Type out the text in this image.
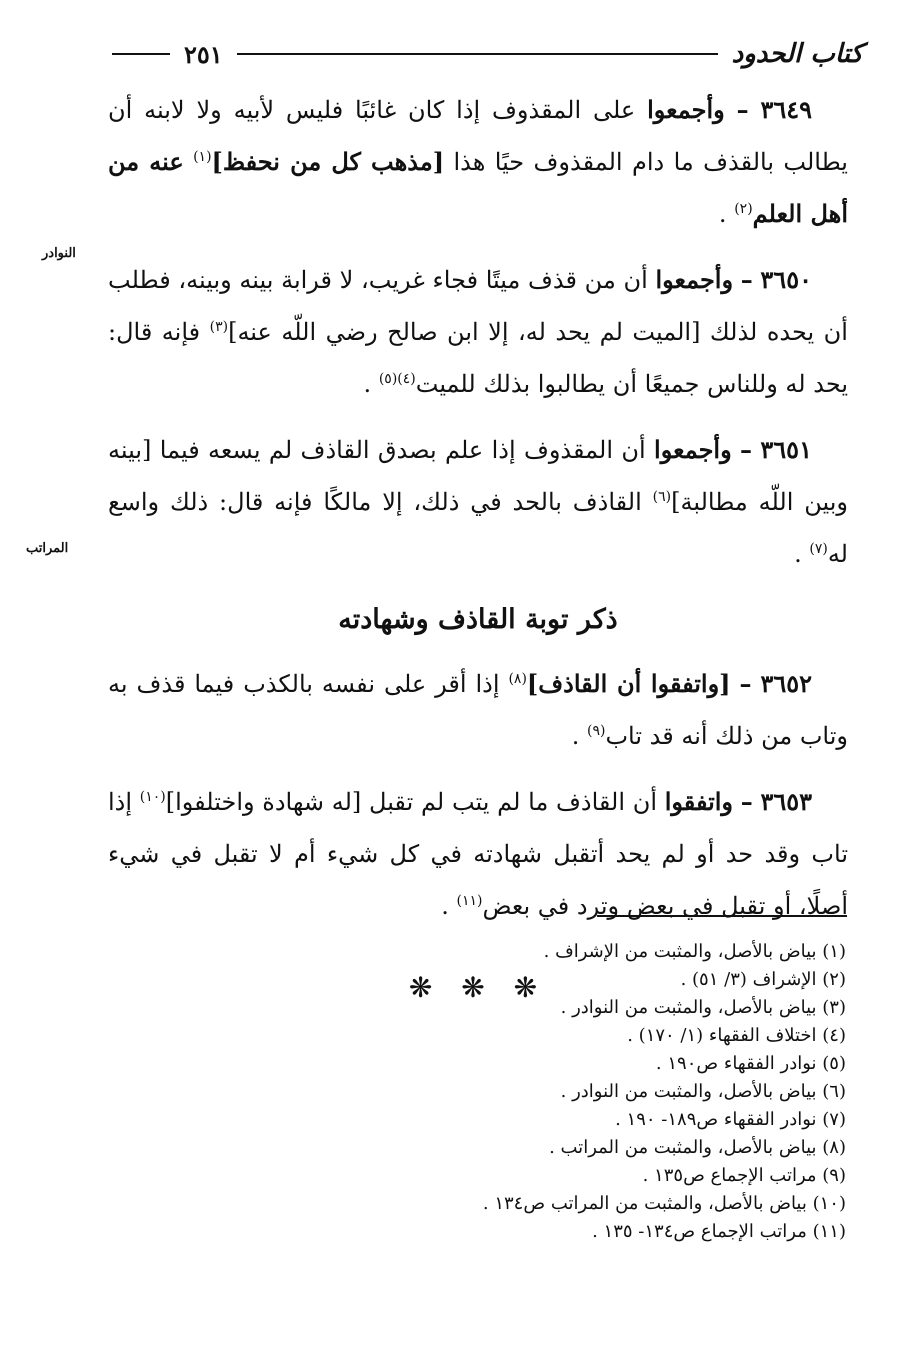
كتاب الحدود
٢٥١

٣٦٤٩ – وأجمعوا على المقذوف إذا كان غائبًا فليس لأبيه ولا لابنه أن يطالب بالقذف ما دام المقذوف حيًا هذا [مذهب كل من نحفظ]$^{(١)}$ عنه من أهل العلم$^{(٢)}$ .

٣٦٥٠ – وأجمعوا أن من قذف ميتًا فجاء غريب، لا قرابة بينه وبينه، فطلب أن يحده لذلك [الميت لم يحد له، إلا ابن صالح رضي اللّه عنه]$^{(٣)}$ فإنه قال: يحد له وللناس جميعًا أن يطالبوا بذلك للميت$^{(٤)(٥)}$ .

٣٦٥١ – وأجمعوا أن المقذوف إذا علم بصدق القاذف لم يسعه فيما [بينه وبين اللّه مطالبة]$^{(٦)}$ القاذف بالحد في ذلك، إلا مالكًا فإنه قال: ذلك واسع له$^{(٧)}$ .

ذكر توبة القاذف وشهادته

٣٦٥٢ – [واتفقوا أن القاذف]$^{(٨)}$ إذا أقر على نفسه بالكذب فيما قذف به وتاب من ذلك أنه قد تاب$^{(٩)}$ .

٣٦٥٣ – واتفقوا أن القاذف ما لم يتب لم تقبل [له شهادة واختلفوا]$^{(١٠)}$ إذا تاب وقد حد أو لم يحد أتقبل شهادته في كل شيء أم لا تقبل في شيء أصلًا، أو تقبل في بعض وترد في بعض$^{(١١)}$ .

❋ ❋ ❋

النوادر
المراتب
(١) بياض بالأصل، والمثبت من الإشراف .
(٢) الإشراف (٣/ ٥١) .
(٣) بياض بالأصل، والمثبت من النوادر .
(٤) اختلاف الفقهاء (١/ ١٧٠) .
(٥) نوادر الفقهاء ص١٩٠ .
(٦) بياض بالأصل، والمثبت من النوادر .
(٧) نوادر الفقهاء ص١٨٩- ١٩٠ .
(٨) بياض بالأصل، والمثبت من المراتب .
(٩) مراتب الإجماع ص١٣٥ .
(١٠) بياض بالأصل، والمثبت من المراتب ص١٣٤ .
(١١) مراتب الإجماع ص١٣٤- ١٣٥ .
